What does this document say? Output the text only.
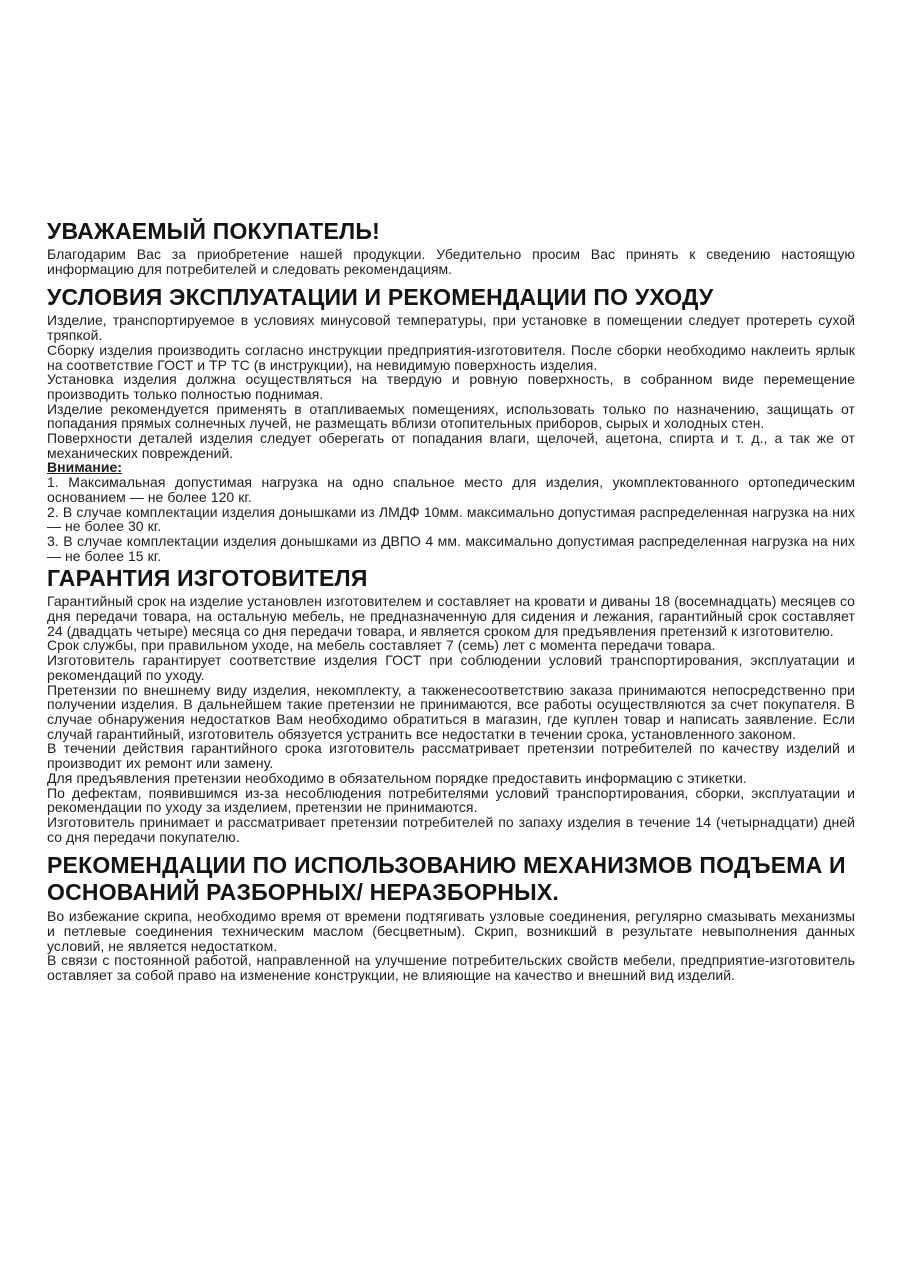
УВАЖАЕМЫЙ ПОКУПАТЕЛЬ!

Благодарим Вас за приобретение нашей продукции. Убедительно просим Вас принять к сведению настоящую информацию для потребителей и следовать рекомендациям.

УСЛОВИЯ ЭКСПЛУАТАЦИИ И РЕКОМЕНДАЦИИ ПО УХОДУ

Изделие, транспортируемое в условиях минусовой температуры, при установке в помещении следует протереть сухой тряпкой.

Сборку изделия производить согласно инструкции предприятия-изготовителя. После сборки необходимо наклеить ярлык на соответствие ГОСТ и ТР ТС (в инструкции), на невидимую поверхность изделия.

Установка изделия должна осуществляться на твердую и ровную поверхность, в собранном виде перемещение производить только полностью поднимая.

Изделие рекомендуется применять в отапливаемых помещениях, использовать только по назначению, защищать от попадания прямых солнечных лучей, не размещать вблизи отопительных приборов, сырых и холодных стен.

Поверхности деталей изделия следует оберегать от попадания влаги, щелочей, ацетона, спирта и т. д., а так же от механических повреждений.

Внимание:

1. Максимальная допустимая нагрузка на одно спальное место для изделия, укомплектованного ортопедическим основанием — не более 120 кг.

2. В случае комплектации изделия донышками из ЛМДФ 10мм. максимально допустимая распределенная нагрузка на них — не более 30 кг.

3. В случае комплектации изделия донышками из ДВПО 4 мм. максимально допустимая распределенная нагрузка на них — не более 15 кг.

ГАРАНТИЯ ИЗГОТОВИТЕЛЯ

Гарантийный срок на изделие установлен изготовителем и составляет на кровати и диваны 18 (восемнадцать) месяцев со дня передачи товара, на остальную мебель, не предназначенную для сидения и лежания, гарантийный срок составляет 24 (двадцать четыре) месяца со дня передачи товара, и является сроком для предъявления претензий к изготовителю.

Срок службы, при правильном уходе, на мебель составляет 7 (семь) лет с момента передачи товара.

Изготовитель гарантирует соответствие изделия ГОСТ при соблюдении условий транспортирования, эксплуатации и рекомендаций по уходу.

Претензии по внешнему виду изделия, некомплекту, а такженесоответствию заказа принимаются непосредственно при получении изделия. В дальнейшем такие претензии не принимаются, все работы осуществляются за счет покупателя. В случае обнаружения недостатков Вам необходимо обратиться в магазин, где куплен товар и написать заявление. Если случай гарантийный, изготовитель обязуется устранить все недостатки в течении срока, установленного законом.

В течении действия гарантийного срока изготовитель рассматривает претензии потребителей по качеству изделий и производит их ремонт или замену.

Для предъявления претензии необходимо в обязательном порядке предоставить информацию с этикетки.

По дефектам, появившимся из-за несоблюдения потребителями условий транспортирования, сборки, эксплуатации и рекомендации по уходу за изделием, претензии не принимаются.

Изготовитель принимает и рассматривает претензии потребителей по запаху изделия в течение 14 (четырнадцати) дней со дня передачи покупателю.

РЕКОМЕНДАЦИИ ПО ИСПОЛЬЗОВАНИЮ МЕХАНИЗМОВ ПОДЪЕМА И ОСНОВАНИЙ РАЗБОРНЫХ/ НЕРАЗБОРНЫХ.

Во избежание скрипа, необходимо время от времени подтягивать узловые соединения, регулярно смазывать механизмы и петлевые соединения техническим маслом (бесцветным). Скрип, возникший в результате невыполнения данных условий, не является недостатком.

В связи с постоянной работой, направленной на улучшение потребительских свойств мебели, предприятие-изготовитель оставляет за собой право на изменение конструкции, не влияющие на качество и внешний вид изделий.
